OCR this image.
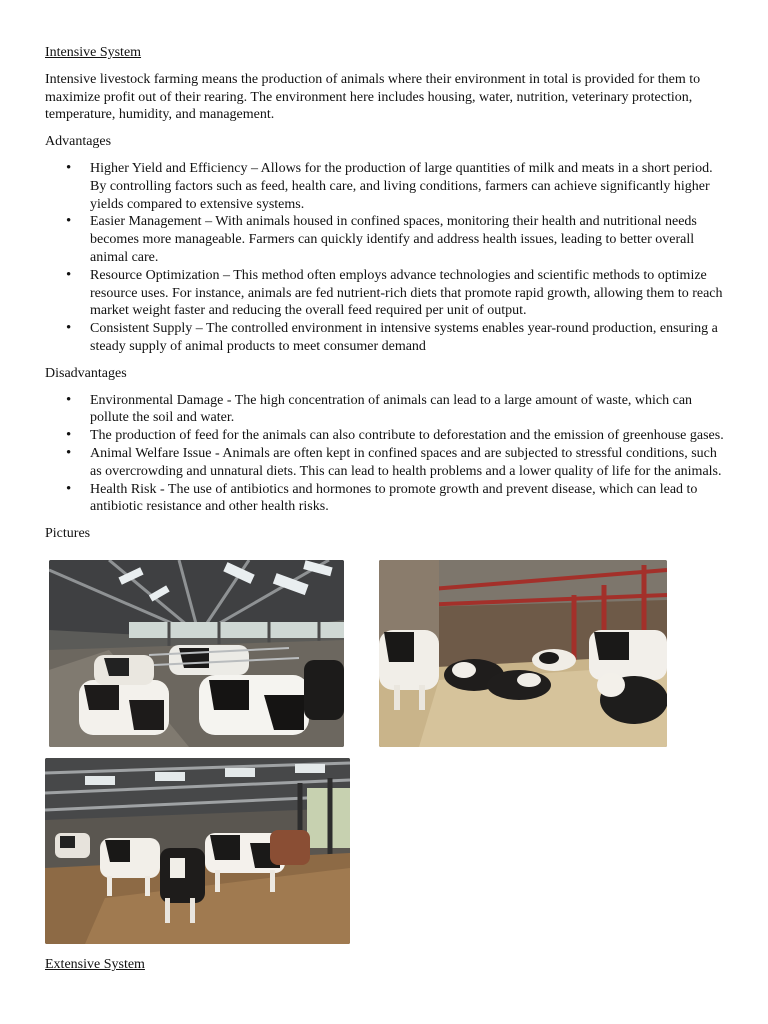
Intensive System

Intensive livestock farming means the production of animals where their environment in total is provided for them to maximize profit out of their rearing. The environment here includes housing, water, nutrition, veterinary protection, temperature, humidity, and management.

Advantages
• Higher Yield and Efficiency – Allows for the production of large quantities of milk and meats in a short period. By controlling factors such as feed, health care, and living conditions, farmers can achieve significantly higher yields compared to extensive systems.
• Easier Management – With animals housed in confined spaces, monitoring their health and nutritional needs becomes more manageable. Farmers can quickly identify and address health issues, leading to better overall animal care.
• Resource Optimization – This method often employs advance technologies and scientific methods to optimize resource uses. For instance, animals are fed nutrient-rich diets that promote rapid growth, allowing them to reach market weight faster and reducing the overall feed required per unit of output.
• Consistent Supply – The controlled environment in intensive systems enables year-round production, ensuring a steady supply of animal products to meet consumer demand
Disadvantages
• Environmental Damage - The high concentration of animals can lead to a large amount of waste, which can pollute the soil and water.
• The production of feed for the animals can also contribute to deforestation and the emission of greenhouse gases.
• Animal Welfare Issue - Animals are often kept in confined spaces and are subjected to stressful conditions, such as overcrowding and unnatural diets. This can lead to health problems and a lower quality of life for the animals.
• Health Risk - The use of antibiotics and hormones to promote growth and prevent disease, which can lead to antibiotic resistance and other health risks.
Pictures
Extensive System
